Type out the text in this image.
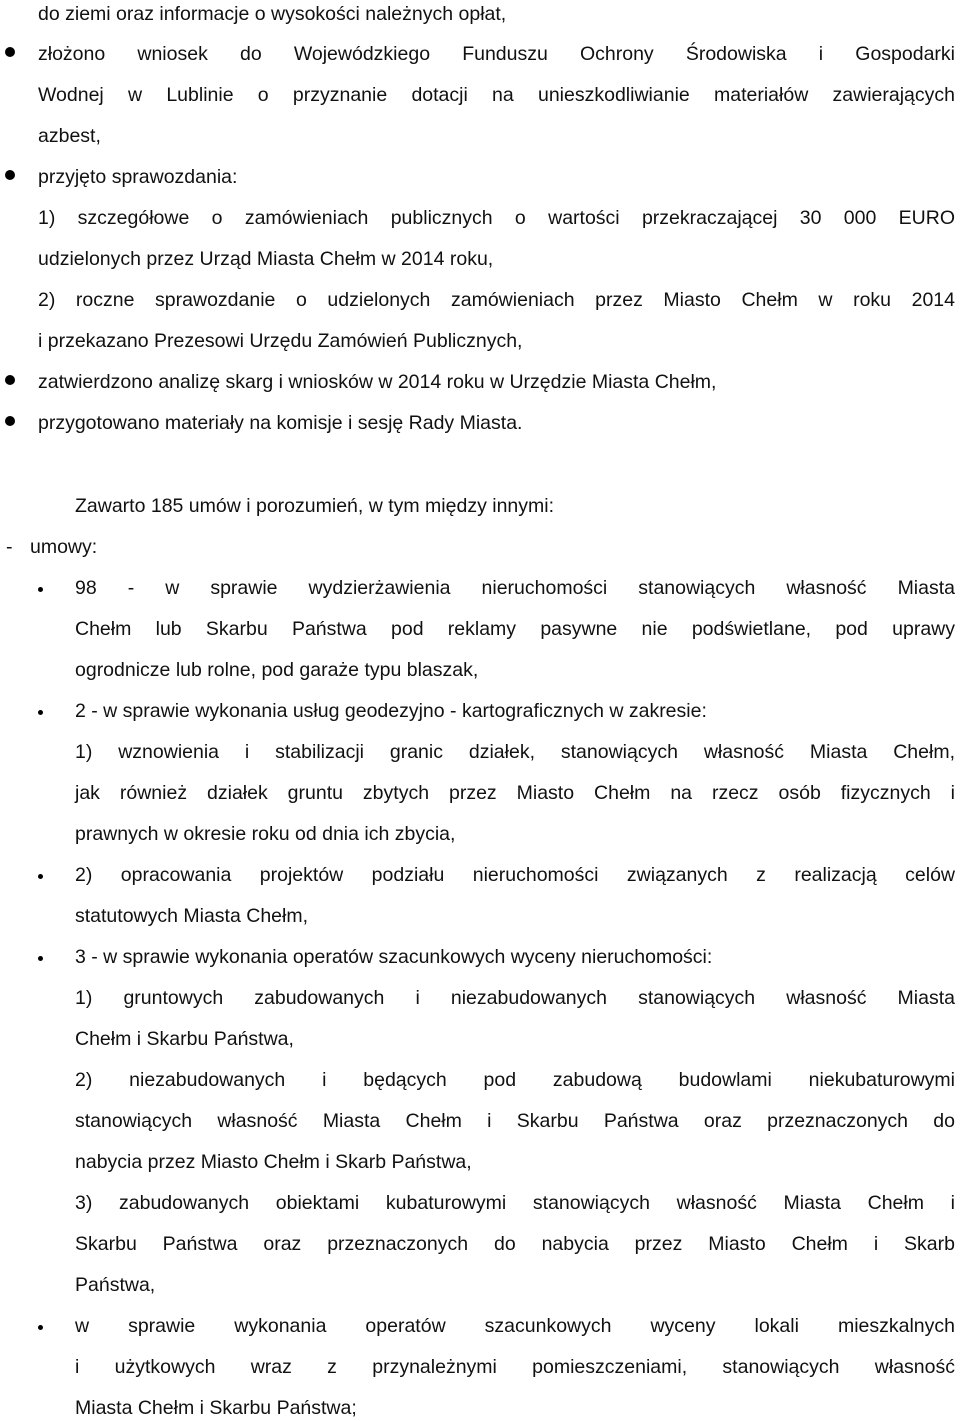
do ziemi oraz informacje o wysokości należnych opłat,
złożono wniosek do Wojewódzkiego Funduszu Ochrony Środowiska i Gospodarki
Wodnej w Lublinie o przyznanie dotacji na unieszkodliwianie materiałów zawierających
azbest,
przyjęto sprawozdania:
1) szczegółowe o zamówieniach publicznych o wartości przekraczającej 30 000 EURO
udzielonych przez Urząd Miasta Chełm w 2014 roku,
2) roczne sprawozdanie o udzielonych zamówieniach przez Miasto Chełm w roku 2014
i przekazano Prezesowi Urzędu Zamówień Publicznych,
zatwierdzono analizę skarg i wniosków w 2014 roku w Urzędzie Miasta Chełm,
przygotowano materiały na komisje i sesję Rady Miasta.
Zawarto 185 umów i porozumień, w tym między innymi:
- umowy:
98 - w sprawie wydzierżawienia nieruchomości stanowiących własność Miasta
Chełm lub Skarbu Państwa pod reklamy pasywne nie podświetlane, pod uprawy
ogrodnicze lub rolne, pod garaże typu blaszak,
2 - w sprawie wykonania usług geodezyjno - kartograficznych w zakresie:
1) wznowienia i stabilizacji granic działek, stanowiących własność Miasta Chełm,
jak również działek gruntu zbytych przez Miasto Chełm na rzecz osób fizycznych i
prawnych w okresie roku od dnia ich zbycia,
2) opracowania projektów podziału nieruchomości związanych z realizacją celów
statutowych Miasta Chełm,
3 - w sprawie wykonania operatów szacunkowych wyceny nieruchomości:
1) gruntowych zabudowanych i niezabudowanych stanowiących własność Miasta
Chełm i Skarbu Państwa,
2) niezabudowanych i będących pod zabudową budowlami niekubaturowymi
stanowiących własność Miasta Chełm i Skarbu Państwa oraz przeznaczonych do
nabycia przez Miasto Chełm i Skarb Państwa,
3) zabudowanych obiektami kubaturowymi stanowiących własność Miasta Chełm i
Skarbu Państwa oraz przeznaczonych do nabycia przez Miasto Chełm i Skarb
Państwa,
w sprawie wykonania operatów szacunkowych wyceny lokali mieszkalnych
i użytkowych wraz z przynależnymi pomieszczeniami, stanowiących własność
Miasta Chełm i Skarbu Państwa;
